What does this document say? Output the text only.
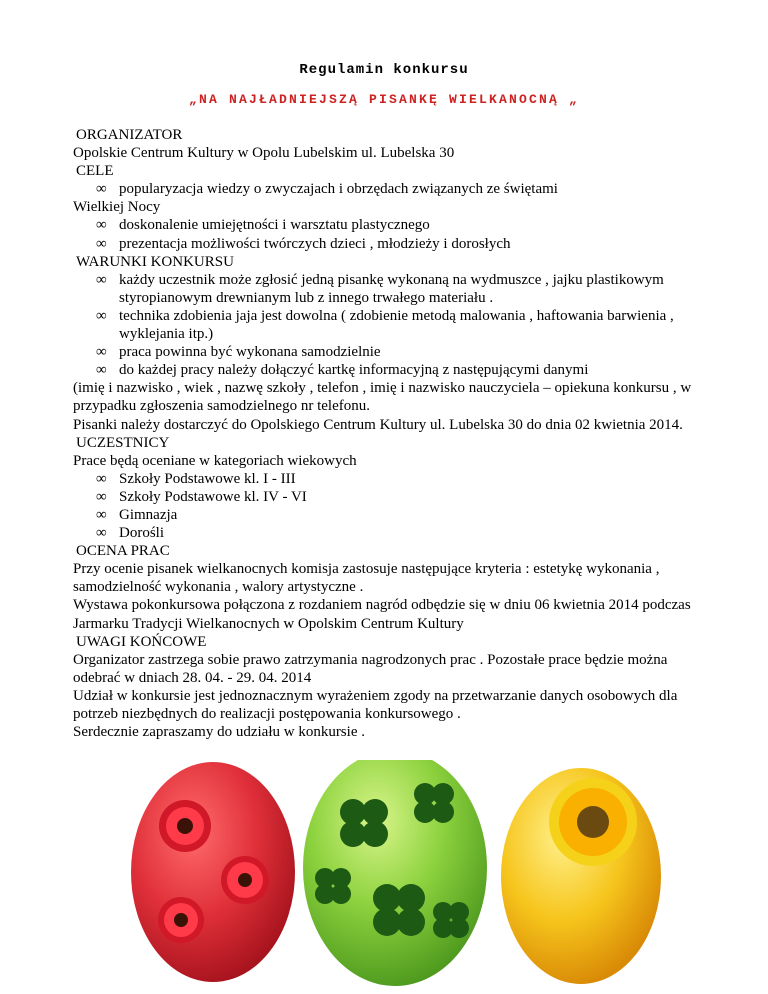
Regulamin konkursu
„NA NAJŁADNIEJSZĄ PISANKĘ WIELKANOCNĄ „

ORGANIZATOR

Opolskie Centrum Kultury w Opolu Lubelskim ul. Lubelska 30

CELE

∞ popularyzacja wiedzy o zwyczajach i obrzędach związanych ze świętami

Wielkiej Nocy

∞ doskonalenie umiejętności i warsztatu plastycznego
∞ prezentacja możliwości twórczych dzieci , młodzieży i dorosłych

WARUNKI KONKURSU

∞ każdy uczestnik może zgłosić jedną pisankę wykonaną na wydmuszce , jajku plastikowym styropianowym drewnianym lub z innego trwałego materiału .
∞ technika zdobienia jaja jest dowolna ( zdobienie metodą malowania , haftowania barwienia , wyklejania itp.)
∞ praca powinna być wykonana samodzielnie
∞ do każdej pracy należy dołączyć kartkę informacyjną z następującymi danymi

(imię i nazwisko , wiek , nazwę szkoły , telefon , imię i nazwisko nauczyciela – opiekuna konkursu , w przypadku zgłoszenia samodzielnego nr telefonu.

Pisanki należy dostarczyć do Opolskiego Centrum Kultury ul. Lubelska 30 do dnia 02 kwietnia 2014.

UCZESTNICY

Prace będą oceniane w kategoriach wiekowych

∞ Szkoły Podstawowe kl. I - III
∞ Szkoły Podstawowe kl. IV - VI
∞ Gimnazja
∞ Dorośli

OCENA PRAC

Przy ocenie pisanek wielkanocnych komisja zastosuje następujące kryteria : estetykę wykonania , samodzielność wykonania , walory artystyczne .

Wystawa pokonkursowa połączona z rozdaniem nagród odbędzie się w dniu 06 kwietnia 2014 podczas Jarmarku Tradycji Wielkanocnych w Opolskim Centrum Kultury

UWAGI KOŃCOWE

Organizator zastrzega sobie prawo zatrzymania nagrodzonych prac . Pozostałe prace będzie można odebrać w dniach 28. 04. - 29. 04. 2014

Udział w konkursie jest jednoznacznym wyrażeniem zgody na przetwarzanie danych osobowych dla potrzeb niezbędnych do realizacji postępowania konkursowego .

Serdecznie zapraszamy do udziału w konkursie .
